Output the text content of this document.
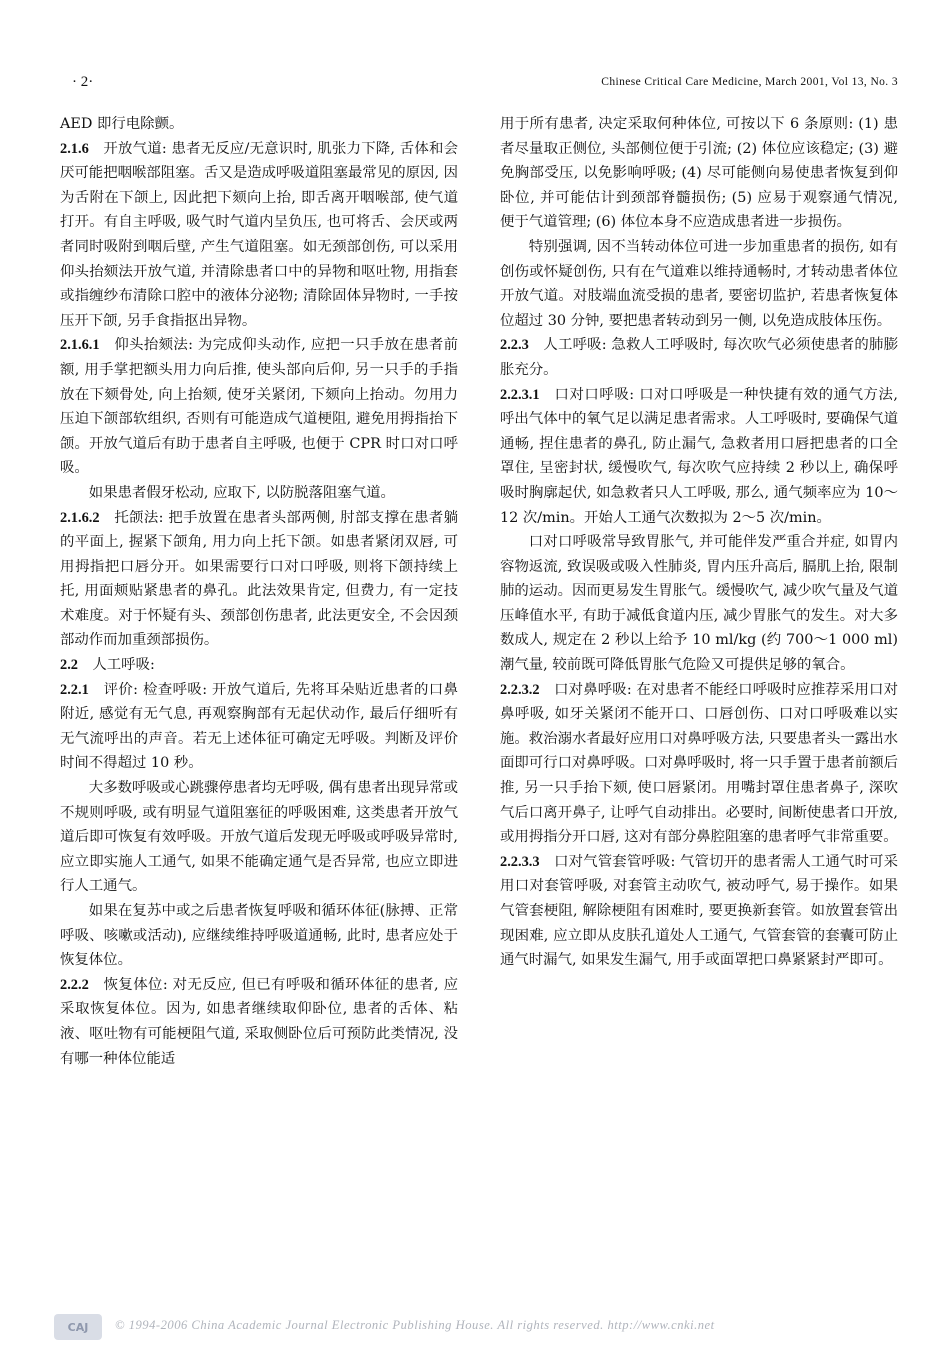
· 2·	Chinese Critical Care Medicine, March 2001, Vol 13, No. 3

AED 即行电除颤。

2.1.6  开放气道: 患者无反应/无意识时, 肌张力下降, 舌体和会厌可能把咽喉部阻塞。舌又是造成呼吸道阻塞最常见的原因, 因为舌附在下颌上, 因此把下颏向上抬, 即舌离开咽喉部, 使气道打开。有自主呼吸, 吸气时气道内呈负压, 也可将舌、会厌或两者同时吸附到咽后壁, 产生气道阻塞。如无颈部创伤, 可以采用仰头抬颏法开放气道, 并清除患者口中的异物和呕吐物, 用指套或指缠纱布清除口腔中的液体分泌物; 清除固体异物时, 一手按压开下颌, 另手食指抠出异物。

2.1.6.1  仰头抬颏法: 为完成仰头动作, 应把一只手放在患者前额, 用手掌把额头用力向后推, 使头部向后仰, 另一只手的手指放在下颏骨处, 向上抬颏, 使牙关紧闭, 下颏向上抬动。勿用力压迫下颌部软组织, 否则有可能造成气道梗阻, 避免用拇指抬下颌。开放气道后有助于患者自主呼吸, 也便于 CPR 时口对口呼吸。

如果患者假牙松动, 应取下, 以防脱落阻塞气道。

2.1.6.2  托颌法: 把手放置在患者头部两侧, 肘部支撑在患者躺的平面上, 握紧下颌角, 用力向上托下颌。如患者紧闭双唇, 可用拇指把口唇分开。如果需要行口对口呼吸, 则将下颌持续上托, 用面颊贴紧患者的鼻孔。此法效果肯定, 但费力, 有一定技术难度。对于怀疑有头、颈部创伤患者, 此法更安全, 不会因颈部动作而加重颈部损伤。

2.2  人工呼吸:

2.2.1  评价: 检查呼吸: 开放气道后, 先将耳朵贴近患者的口鼻附近, 感觉有无气息, 再观察胸部有无起伏动作, 最后仔细听有无气流呼出的声音。若无上述体征可确定无呼吸。判断及评价时间不得超过 10 秒。

大多数呼吸或心跳骤停患者均无呼吸, 偶有患者出现异常或不规则呼吸, 或有明显气道阻塞征的呼吸困难, 这类患者开放气道后即可恢复有效呼吸。开放气道后发现无呼吸或呼吸异常时, 应立即实施人工通气, 如果不能确定通气是否异常, 也应立即进行人工通气。

如果在复苏中或之后患者恢复呼吸和循环体征(脉搏、正常呼吸、咳嗽或活动), 应继续维持呼吸道通畅, 此时, 患者应处于恢复体位。

2.2.2  恢复体位: 对无反应, 但已有呼吸和循环体征的患者, 应采取恢复体位。因为, 如患者继续取仰卧位, 患者的舌体、粘液、呕吐物有可能梗阻气道, 采取侧卧位后可预防此类情况, 没有哪一种体位能适

用于所有患者, 决定采取何种体位, 可按以下 6 条原则: (1) 患者尽量取正侧位, 头部侧位便于引流; (2) 体位应该稳定; (3) 避免胸部受压, 以免影响呼吸; (4) 尽可能侧向易使患者恢复到仰卧位, 并可能估计到颈部脊髓损伤; (5) 应易于观察通气情况, 便于气道管理; (6) 体位本身不应造成患者进一步损伤。

特别强调, 因不当转动体位可进一步加重患者的损伤, 如有创伤或怀疑创伤, 只有在气道难以维持通畅时, 才转动患者体位开放气道。对肢端血流受损的患者, 要密切监护, 若患者恢复体位超过 30 分钟, 要把患者转动到另一侧, 以免造成肢体压伤。

2.2.3  人工呼吸: 急救人工呼吸时, 每次吹气必须使患者的肺膨胀充分。

2.2.3.1  口对口呼吸: 口对口呼吸是一种快捷有效的通气方法, 呼出气体中的氧气足以满足患者需求。人工呼吸时, 要确保气道通畅, 捏住患者的鼻孔, 防止漏气, 急救者用口唇把患者的口全罩住, 呈密封状, 缓慢吹气, 每次吹气应持续 2 秒以上, 确保呼吸时胸廓起伏, 如急救者只人工呼吸, 那么, 通气频率应为 10～12 次/min。开始人工通气次数拟为 2～5 次/min。

口对口呼吸常导致胃胀气, 并可能伴发严重合并症, 如胃内容物返流, 致误吸或吸入性肺炎, 胃内压升高后, 膈肌上抬, 限制肺的运动。因而更易发生胃胀气。缓慢吹气, 减少吹气量及气道压峰值水平, 有助于减低食道内压, 减少胃胀气的发生。对大多数成人, 规定在 2 秒以上给予 10 ml/kg (约 700～1 000 ml) 潮气量, 较前既可降低胃胀气危险又可提供足够的氧合。

2.2.3.2  口对鼻呼吸: 在对患者不能经口呼吸时应推荐采用口对鼻呼吸, 如牙关紧闭不能开口、口唇创伤、口对口呼吸难以实施。救治溺水者最好应用口对鼻呼吸方法, 只要患者头一露出水面即可行口对鼻呼吸。口对鼻呼吸时, 将一只手置于患者前额后推, 另一只手抬下颏, 使口唇紧闭。用嘴封罩住患者鼻子, 深吹气后口离开鼻子, 让呼气自动排出。必要时, 间断使患者口开放, 或用拇指分开口唇, 这对有部分鼻腔阻塞的患者呼气非常重要。

2.2.3.3  口对气管套管呼吸: 气管切开的患者需人工通气时可采用口对套管呼吸, 对套管主动吹气, 被动呼气, 易于操作。如果气管套梗阻, 解除梗阻有困难时, 要更换新套管。如放置套管出现困难, 应立即从皮肤孔道处人工通气, 气管套管的套囊可防止通气时漏气, 如果发生漏气, 用手或面罩把口鼻紧紧封严即可。

CAJ	© 1994-2006 China Academic Journal Electronic Publishing House. All rights reserved. http://www.cnki.net
